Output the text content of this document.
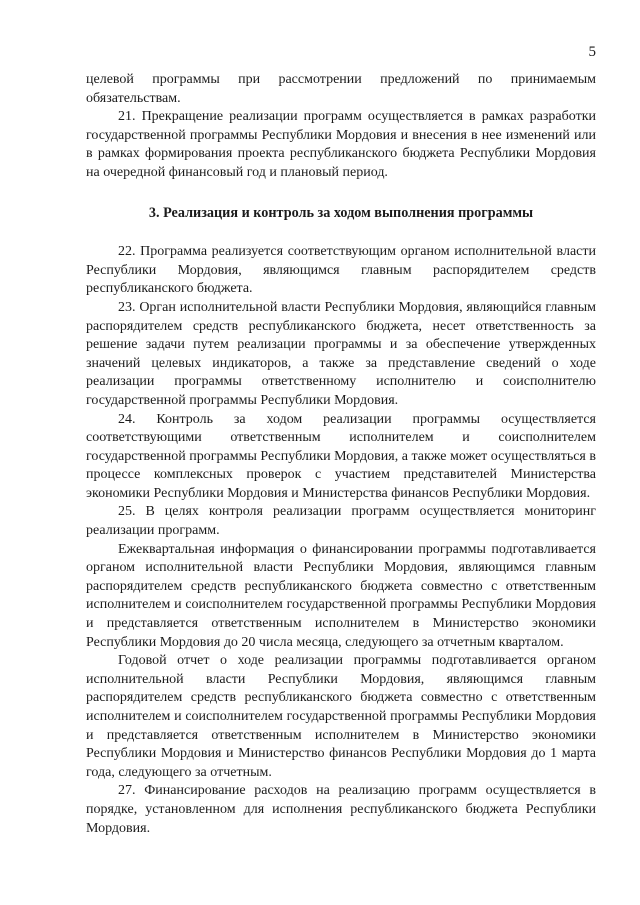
5

целевой программы при рассмотрении предложений по принимаемым обязательствам.

21. Прекращение реализации программ осуществляется в рамках разработки государственной программы Республики Мордовия и внесения в нее изменений или в рамках формирования проекта республиканского бюджета Республики Мордовия на очередной финансовый год и плановый период.

3. Реализация и контроль за ходом выполнения программы

22. Программа реализуется соответствующим органом исполнительной власти Республики Мордовия, являющимся главным распорядителем средств республиканского бюджета.

23. Орган исполнительной власти Республики Мордовия, являющийся главным распорядителем средств республиканского бюджета, несет ответственность за решение задачи путем реализации программы и за обеспечение утвержденных значений целевых индикаторов, а также за представление сведений о ходе реализации программы ответственному исполнителю и соисполнителю государственной программы Республики Мордовия.

24. Контроль за ходом реализации программы осуществляется соответствующими ответственным исполнителем и соисполнителем государственной программы Республики Мордовия, а также может осуществляться в процессе комплексных проверок с участием представителей Министерства экономики Республики Мордовия и Министерства финансов Республики Мордовия.

25. В целях контроля реализации программ осуществляется мониторинг реализации программ.

Ежеквартальная информация о финансировании программы подготавливается органом исполнительной власти Республики Мордовия, являющимся главным распорядителем средств республиканского бюджета совместно с ответственным исполнителем и соисполнителем государственной программы Республики Мордовия и представляется ответственным исполнителем в Министерство экономики Республики Мордовия до 20 числа месяца, следующего за отчетным кварталом.

Годовой отчет о ходе реализации программы подготавливается органом исполнительной власти Республики Мордовия, являющимся главным распорядителем средств республиканского бюджета совместно с ответственным исполнителем и соисполнителем государственной программы Республики Мордовия и представляется ответственным исполнителем в Министерство экономики Республики Мордовия и Министерство финансов Республики Мордовия до 1 марта года, следующего за отчетным.

27. Финансирование расходов на реализацию программ осуществляется в порядке, установленном для исполнения республиканского бюджета Республики Мордовия.
